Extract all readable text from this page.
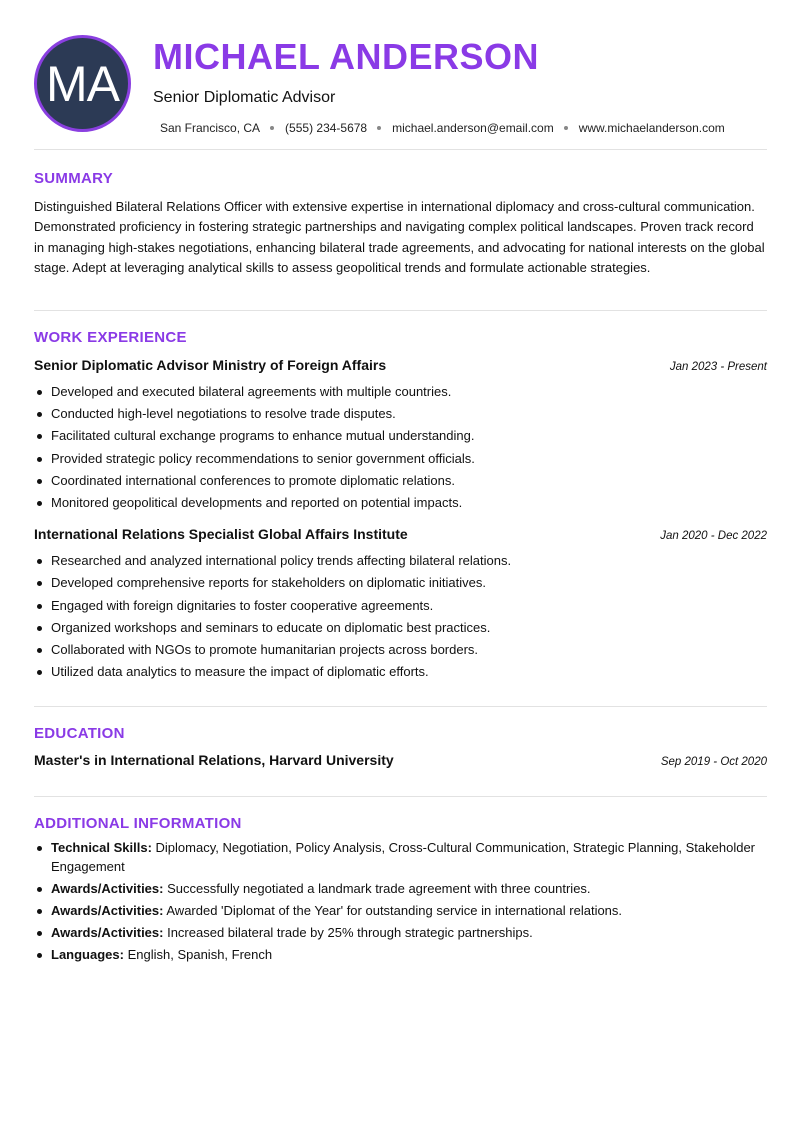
MA MICHAEL ANDERSON
Senior Diplomatic Advisor
San Francisco, CA (555) 234-5678 michael.anderson@email.com www.michaelanderson.com
SUMMARY

Distinguished Bilateral Relations Officer with extensive expertise in international diplomacy and cross-cultural communication. Demonstrated proficiency in fostering strategic partnerships and navigating complex political landscapes. Proven track record in managing high-stakes negotiations, enhancing bilateral trade agreements, and advocating for national interests on the global stage. Adept at leveraging analytical skills to assess geopolitical trends and formulate actionable strategies.

WORK EXPERIENCE
Senior Diplomatic Advisor Ministry of Foreign Affairs	Jan 2023 - Present
Developed and executed bilateral agreements with multiple countries.
Conducted high-level negotiations to resolve trade disputes.
Facilitated cultural exchange programs to enhance mutual understanding.
Provided strategic policy recommendations to senior government officials.
Coordinated international conferences to promote diplomatic relations.
Monitored geopolitical developments and reported on potential impacts.
International Relations Specialist Global Affairs Institute	Jan 2020 - Dec 2022
Researched and analyzed international policy trends affecting bilateral relations.
Developed comprehensive reports for stakeholders on diplomatic initiatives.
Engaged with foreign dignitaries to foster cooperative agreements.
Organized workshops and seminars to educate on diplomatic best practices.
Collaborated with NGOs to promote humanitarian projects across borders.
Utilized data analytics to measure the impact of diplomatic efforts.
EDUCATION
Master's in International Relations, Harvard University	Sep 2019 - Oct 2020
ADDITIONAL INFORMATION
Technical Skills: Diplomacy, Negotiation, Policy Analysis, Cross-Cultural Communication, Strategic Planning, Stakeholder Engagement
Awards/Activities: Successfully negotiated a landmark trade agreement with three countries.
Awards/Activities: Awarded 'Diplomat of the Year' for outstanding service in international relations.
Awards/Activities: Increased bilateral trade by 25% through strategic partnerships.
Languages: English, Spanish, French
